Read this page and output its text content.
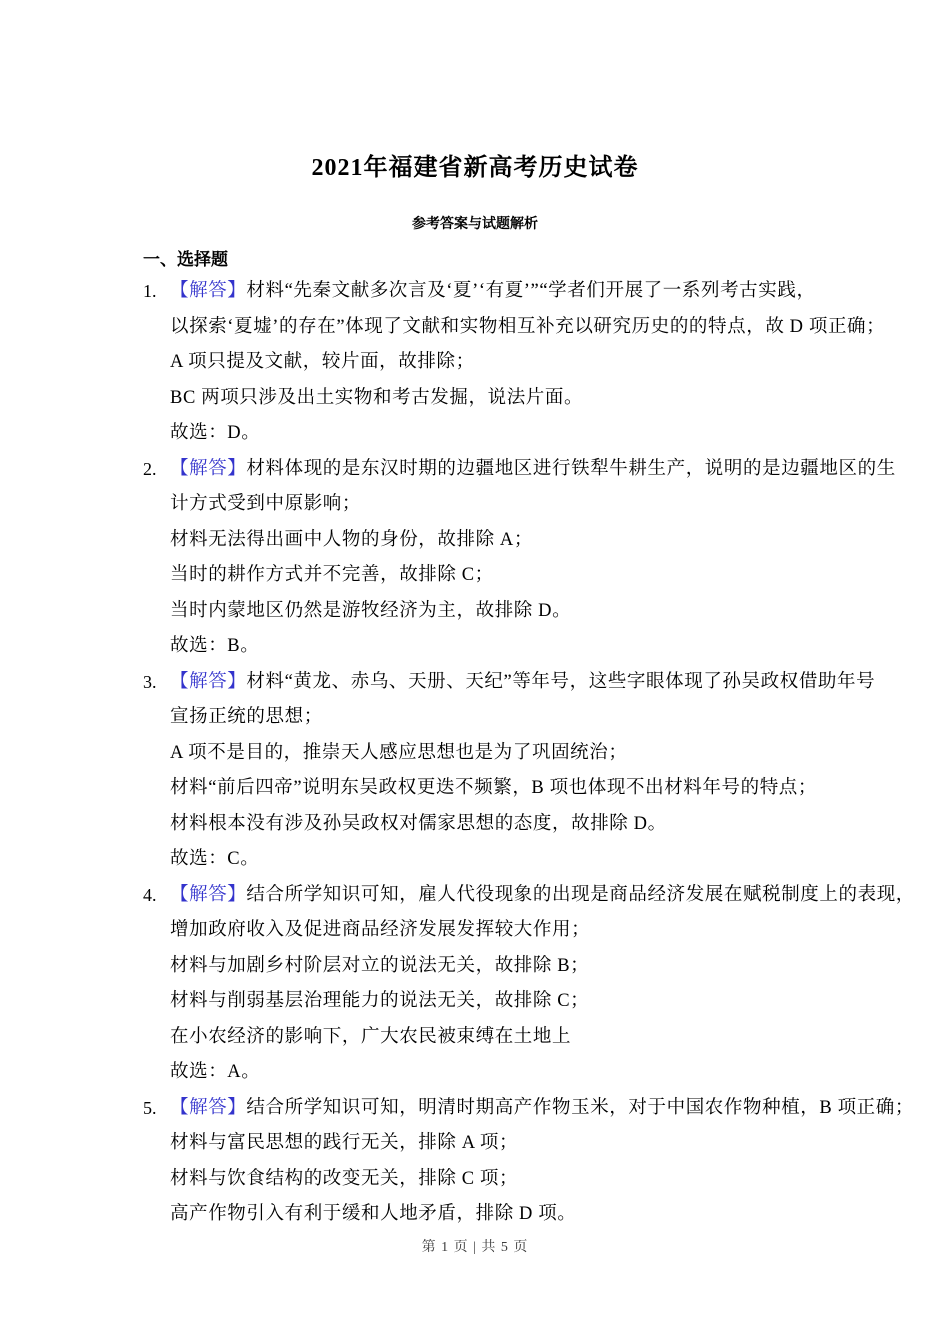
2021年福建省新高考历史试卷
参考答案与试题解析
一、选择题
1. 【解答】材料“先秦文献多次言及‘夏’‘有夏’”“学者们开展了一系列考古实践，
以探索‘夏墟’的存在”体现了文献和实物相互补充以研究历史的的特点，故 D 项正确；
A 项只提及文献，较片面，故排除；
BC 两项只涉及出土实物和考古发掘，说法片面。
故选：D。
2. 【解答】材料体现的是东汉时期的边疆地区进行铁犁牛耕生产，说明的是边疆地区的生
计方式受到中原影响；
材料无法得出画中人物的身份，故排除 A；
当时的耕作方式并不完善，故排除 C；
当时内蒙地区仍然是游牧经济为主，故排除 D。
故选：B。
3. 【解答】材料“黄龙、赤乌、天册、天纪”等年号，这些字眼体现了孙吴政权借助年号
宣扬正统的思想；
A 项不是目的，推崇天人感应思想也是为了巩固统治；
材料“前后四帝”说明东吴政权更迭不频繁，B 项也体现不出材料年号的特点；
材料根本没有涉及孙吴政权对儒家思想的态度，故排除 D。
故选：C。
4. 【解答】结合所学知识可知，雇人代役现象的出现是商品经济发展在赋税制度上的表现，
增加政府收入及促进商品经济发展发挥较大作用；
材料与加剧乡村阶层对立的说法无关，故排除 B；
材料与削弱基层治理能力的说法无关，故排除 C；
在小农经济的影响下，广大农民被束缚在土地上
故选：A。
5. 【解答】结合所学知识可知，明清时期高产作物玉米，对于中国农作物种植，B 项正确；
材料与富民思想的践行无关，排除 A 项；
材料与饮食结构的改变无关，排除 C 项；
高产作物引入有利于缓和人地矛盾，排除 D 项。
第 1 页 | 共 5 页
